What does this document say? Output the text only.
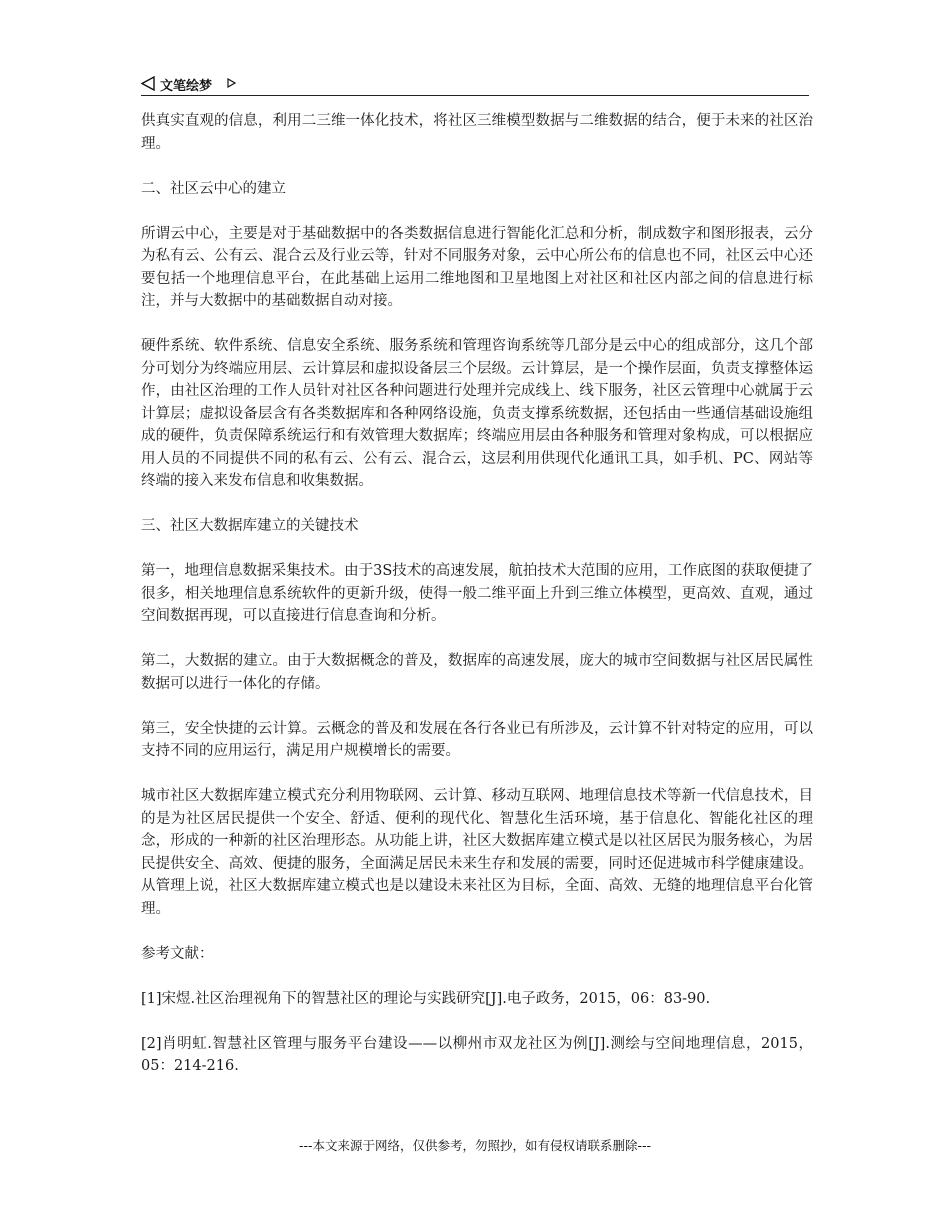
文笔绘梦

供真实直观的信息，利用二三维一体化技术，将社区三维模型数据与二维数据的结合，便于未来的社区治理。

二、社区云中心的建立

所谓云中心，主要是对于基础数据中的各类数据信息进行智能化汇总和分析，制成数字和图形报表，云分为私有云、公有云、混合云及行业云等，针对不同服务对象，云中心所公布的信息也不同，社区云中心还要包括一个地理信息平台，在此基础上运用二维地图和卫星地图上对社区和社区内部之间的信息进行标注，并与大数据中的基础数据自动对接。

硬件系统、软件系统、信息安全系统、服务系统和管理咨询系统等几部分是云中心的组成部分，这几个部分可划分为终端应用层、云计算层和虚拟设备层三个层级。云计算层，是一个操作层面，负责支撑整体运作，由社区治理的工作人员针对社区各种问题进行处理并完成线上、线下服务，社区云管理中心就属于云计算层；虚拟设备层含有各类数据库和各种网络设施，负责支撑系统数据，还包括由一些通信基础设施组成的硬件，负责保障系统运行和有效管理大数据库；终端应用层由各种服务和管理对象构成，可以根据应用人员的不同提供不同的私有云、公有云、混合云，这层利用供现代化通讯工具，如手机、PC、网站等终端的接入来发布信息和收集数据。

三、社区大数据库建立的关键技术

第一，地理信息数据采集技术。由于3S技术的高速发展，航拍技术大范围的应用，工作底图的获取便捷了很多，相关地理信息系统软件的更新升级，使得一般二维平面上升到三维立体模型，更高效、直观，通过空间数据再现，可以直接进行信息查询和分析。

第二，大数据的建立。由于大数据概念的普及，数据库的高速发展，庞大的城市空间数据与社区居民属性数据可以进行一体化的存储。

第三，安全快捷的云计算。云概念的普及和发展在各行各业已有所涉及，云计算不针对特定的应用，可以支持不同的应用运行，满足用户规模增长的需要。

城市社区大数据库建立模式充分利用物联网、云计算、移动互联网、地理信息技术等新一代信息技术，目的是为社区居民提供一个安全、舒适、便利的现代化、智慧化生活环境，基于信息化、智能化社区的理念，形成的一种新的社区治理形态。从功能上讲，社区大数据库建立模式是以社区居民为服务核心，为居民提供安全、高效、便捷的服务，全面满足居民未来生存和发展的需要，同时还促进城市科学健康建设。从管理上说，社区大数据库建立模式也是以建设未来社区为目标，全面、高效、无缝的地理信息平台化管理。

参考文献：

[1]宋煜.社区治理视角下的智慧社区的理论与实践研究[J].电子政务，2015，06：83-90.

[2]肖明虹.智慧社区管理与服务平台建设——以柳州市双龙社区为例[J].测绘与空间地理信息，2015，05：214-216.

---本文来源于网络，仅供参考，勿照抄，如有侵权请联系删除---
